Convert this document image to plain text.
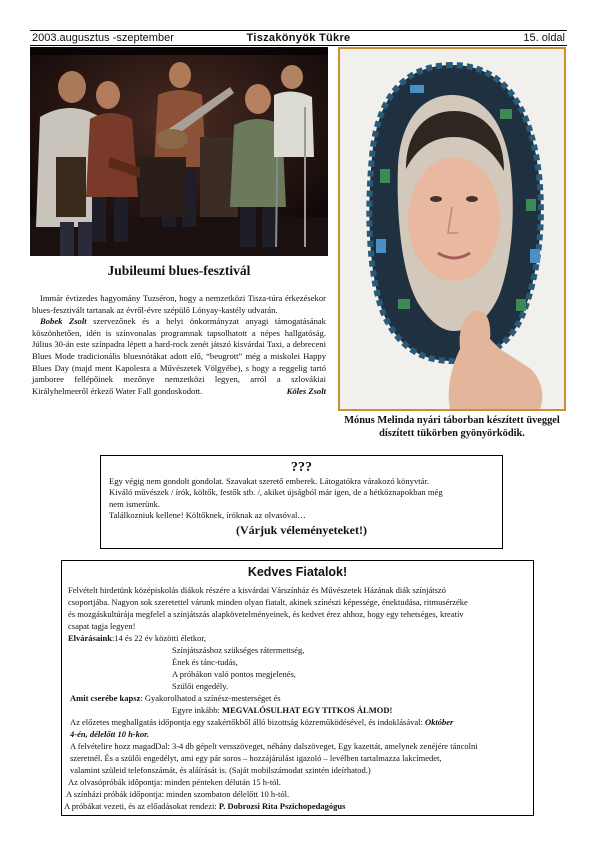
2003.augusztus -szeptember	Tiszakönyök Tükre	15. oldal
Jubileumi blues-fesztivál

Immár évtizedes hagyomány Tuzséron, hogy a nemzetközi Tisza-túra érkezésekor blues-fesztivált tartanak az évről-évre szépülő Lónyay-kastély udvarán.

Bobek Zsolt szervezőnek és a helyi önkormányzat anyagi támogatásának köszönhetően, idén is színvonalas programnak tapsolhatott a népes hallgatóság. Július 30-án este színpadra lépett a hard-rock zenét játszó kisvárdai Taxi, a debreceni Blues Mode tradicionális bluesnótákat adott elő, “beugrott” még a miskolei Happy Blues Day (majd ment Kapolesra a Művészetek Völgyébe), s hogy a reggelig tartó jamboree fellépőinek mezőnye nemzetközi legyen, arról a szlovákiai Királyhelmeeről érkező Water Fall gondoskodott.	Köles Zsolt

Mónus Melinda nyári táborban készített üveggel díszített tükörben gyönyörködik.
???
Egy végig nem gondolt gondolat. Szavakat szerető emberek. Látogatókra várakozó könyvtár.
Kiváló művészek / írók, költők, festők stb. /, akiket újságból már igen, de a hétköznapokban még
nem ismerünk.
Találkozniuk kellene! Költőknek, íróknak az olvasóval…
(Várjuk véleményeteket!)
Kedves Fiatalok!
Felvételt hirdetünk középiskolás diákok részére a kisvárdai Várszínház és Művészetek Házának diák színjátszó
csoportjába. Nagyon sok szeretettel várunk minden olyan fiatalt, akinek színészi képessége, énektudása, ritmusérzéke
és mozgáskultúrája megfelel a színjátszás alapkövetelményeinek, és kedvet érez ahhoz, hogy egy tehetséges, kreatív
csapat tagja legyen!
Elvárásaink:14 és 22 év közötti életkor,
Színjátszáshoz szükséges rátermettség,
Ének és tánc-tudás,
A próbákon való pontos megjelenés,
Szülői engedély.
Amit cserébe kapsz: Gyakorolhatod a színész-mesterséget és
Egyre inkább: MEGVALÓSULHAT EGY TITKOS ÁLMOD!
Az előzetes meghallgatás időpontja egy szakértőkből álló bizottság közreműködésével, és indoklásával: Október
4-én, délelőtt 10 h-kor.
A felvételire hozz magadDal: 3-4 db gépelt versszöveget, néhány dalszöveget, Egy kazettát, amelynek zenéjére táncolni
szeretnél. És a szülői engedélyt, ami egy pár soros – hozzájárulást igazoló – levélben tartalmazza lakcímedet,
valamint szüleid telefonszámát, és aláírását is. (Saját mobilszámodat szintén ideírhatod.)
Az olvasópróbák időpontja: minden pénteken délután 15 h-tól.
A színházi próbák időpontja: minden szombaton délelőtt 10 h-tól.
A próbákat vezeti, és az előadásokat rendezi: P. Dobrozsi Rita Pszichopedagógus
